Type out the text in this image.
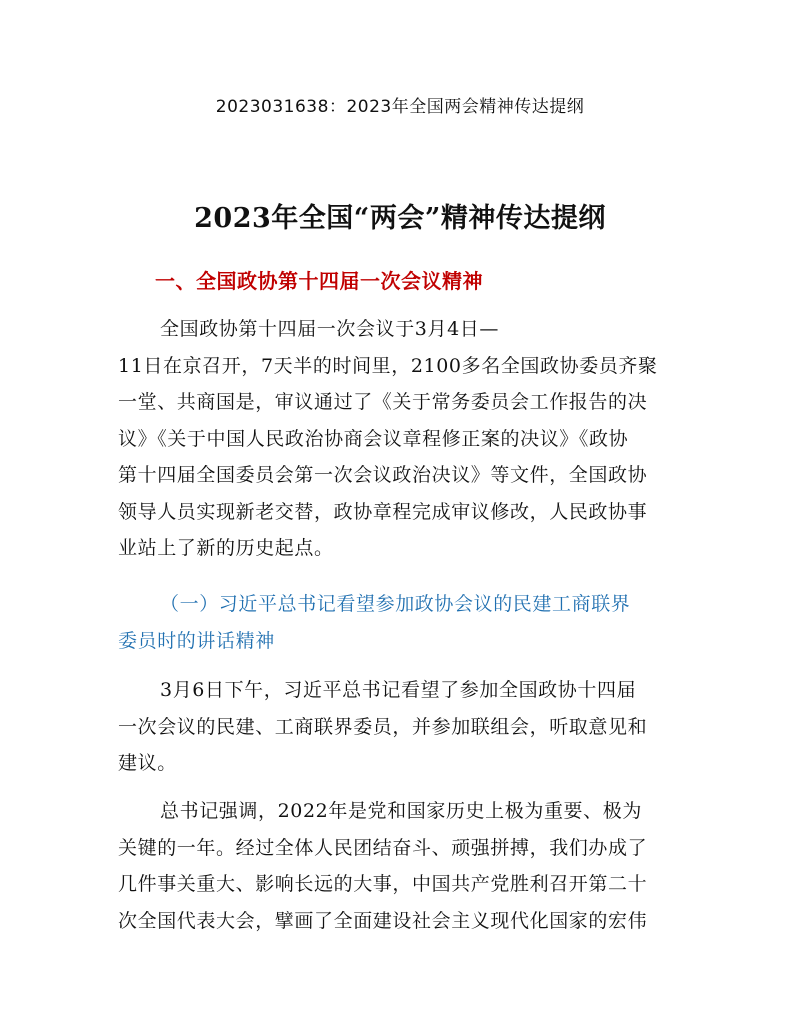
2023031638：2023年全国两会精神传达提纲
2023年全国“两会”精神传达提纲
一、全国政协第十四届一次会议精神
全国政协第十四届一次会议于3月4日—
11日在京召开，7天半的时间里，2100多名全国政协委员齐聚
一堂、共商国是，审议通过了《关于常务委员会工作报告的决
议》《关于中国人民政治协商会议章程修正案的决议》《政协
第十四届全国委员会第一次会议政治决议》等文件，全国政协
领导人员实现新老交替，政协章程完成审议修改，人民政协事
业站上了新的历史起点。
（一）习近平总书记看望参加政协会议的民建工商联界
委员时的讲话精神
3月6日下午，习近平总书记看望了参加全国政协十四届
一次会议的民建、工商联界委员，并参加联组会，听取意见和
建议。
总书记强调，2022年是党和国家历史上极为重要、极为
关键的一年。经过全体人民团结奋斗、顽强拼搏，我们办成了
几件事关重大、影响长远的大事，中国共产党胜利召开第二十
次全国代表大会，擘画了全面建设社会主义现代化国家的宏伟
